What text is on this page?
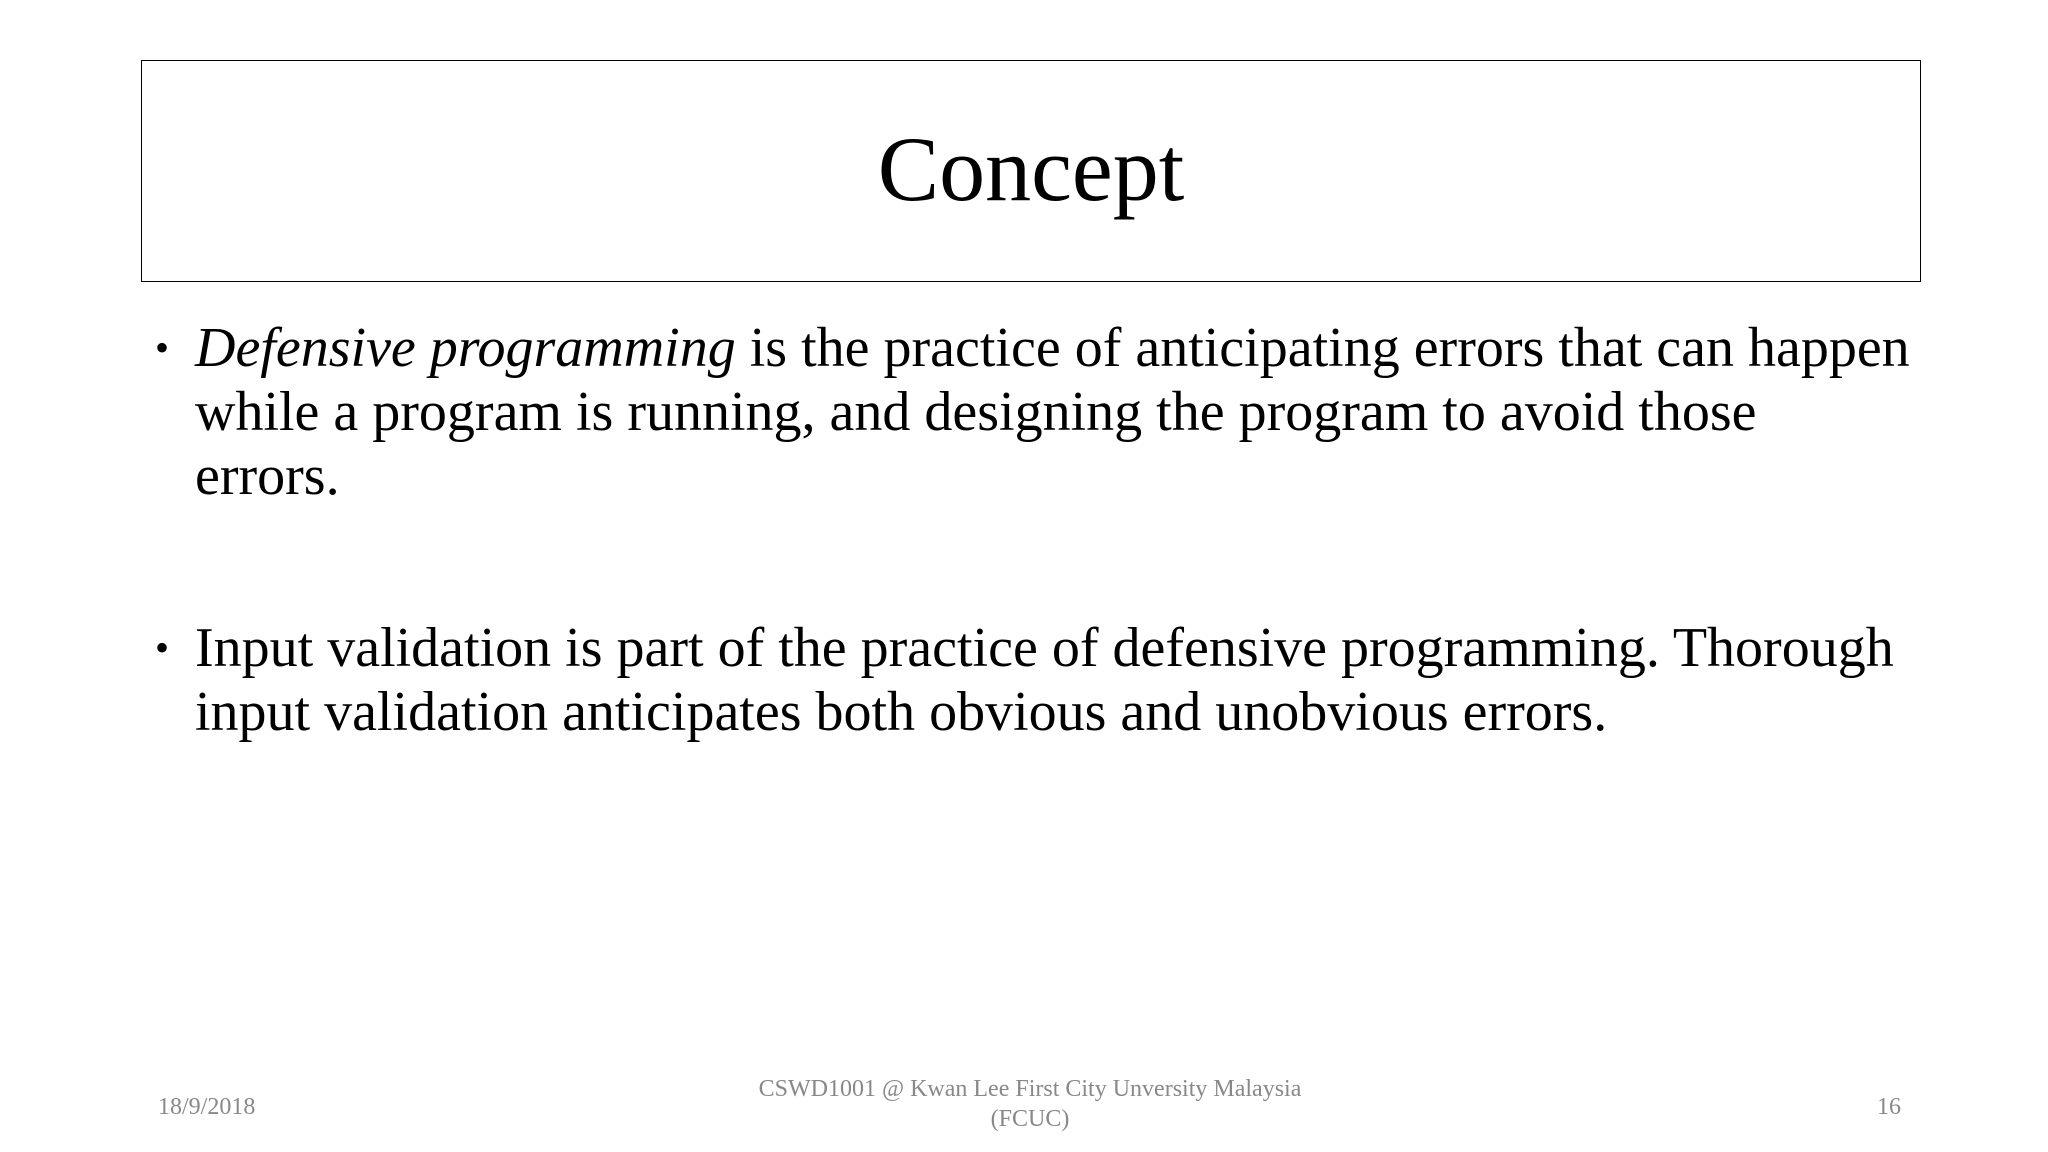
Concept
• Defensive programming is the practice of anticipating errors that can happen while a program is running, and designing the program to avoid those errors.
• Input validation is part of the practice of defensive programming. Thorough input validation anticipates both obvious and unobvious errors.
18/9/2018
CSWD1001 @ Kwan Lee First City Unversity Malaysia
(FCUC)	16
